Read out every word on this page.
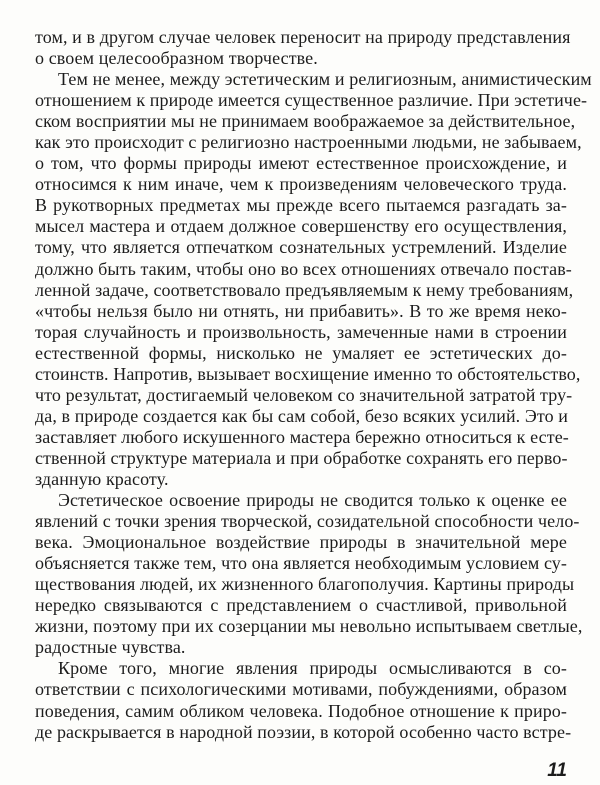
том, и в другом случае человек переносит на природу представления
о своем целесообразном творчестве.
Тем не менее, между эстетическим и религиозным, анимистическим
отношением к природе имеется существенное различие. При эстетиче-
ском восприятии мы не принимаем воображаемое за действительное,
как это происходит с религиозно настроенными людьми, не забываем,
о том, что формы природы имеют естественное происхождение, и
относимся к ним иначе, чем к произведениям человеческого труда.
В рукотворных предметах мы прежде всего пытаемся разгадать за-
мысел мастера и отдаем должное совершенству его осуществления,
тому, что является отпечатком сознательных устремлений. Изделие
должно быть таким, чтобы оно во всех отношениях отвечало постав-
ленной задаче, соответствовало предъявляемым к нему требованиям,
«чтобы нельзя было ни отнять, ни прибавить». В то же время неко-
торая случайность и произвольность, замеченные нами в строении
естественной формы, нисколько не умаляет ее эстетических до-
стоинств. Напротив, вызывает восхищение именно то обстоятельство,
что результат, достигаемый человеком со значительной затратой тру-
да, в природе создается как бы сам собой, безо всяких усилий. Это и
заставляет любого искушенного мастера бережно относиться к есте-
ственной структуре материала и при обработке сохранять его перво-
зданную красоту.
Эстетическое освоение природы не сводится только к оценке ее
явлений с точки зрения творческой, созидательной способности чело-
века. Эмоциональное воздействие природы в значительной мере
объясняется также тем, что она является необходимым условием су-
ществования людей, их жизненного благополучия. Картины природы
нередко связываются с представлением о счастливой, привольной
жизни, поэтому при их созерцании мы невольно испытываем светлые,
радостные чувства.
Кроме того, многие явления природы осмысливаются в со-
ответствии с психологическими мотивами, побуждениями, образом
поведения, самим обликом человека. Подобное отношение к приро-
де раскрывается в народной поэзии, в которой особенно часто встре-
11
